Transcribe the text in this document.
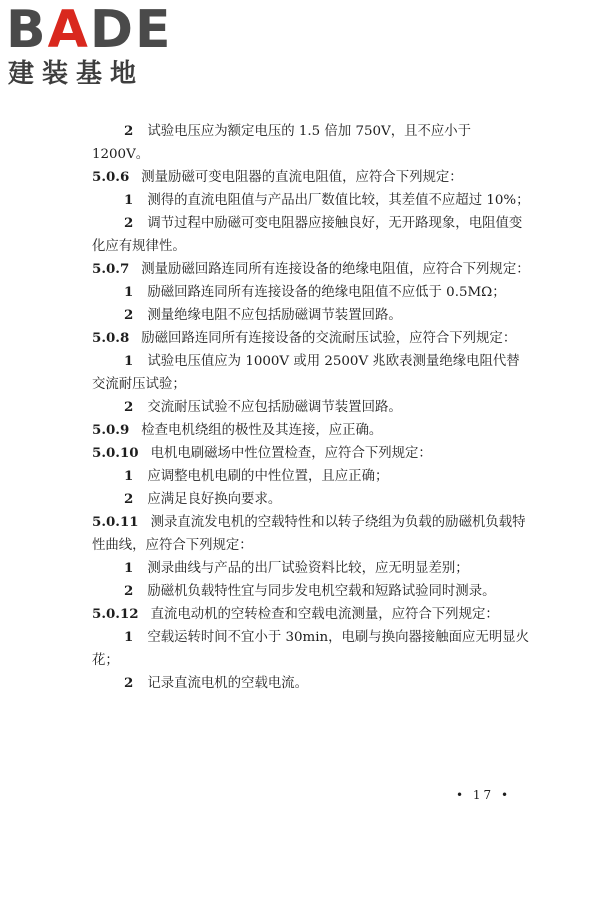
BADE
建装基地
2 试验电压应为额定电压的 1.5 倍加 750V，且不应小于 1200V。
5.0.6 测量励磁可变电阻器的直流电阻值，应符合下列规定：
1 测得的直流电阻值与产品出厂数值比较，其差值不应超过 10%；
2 调节过程中励磁可变电阻器应接触良好，无开路现象，电阻值变化应有规律性。
5.0.7 测量励磁回路连同所有连接设备的绝缘电阻值，应符合下列规定：
1 励磁回路连同所有连接设备的绝缘电阻值不应低于 0.5MΩ；
2 测量绝缘电阻不应包括励磁调节装置回路。
5.0.8 励磁回路连同所有连接设备的交流耐压试验，应符合下列规定：
1 试验电压值应为 1000V 或用 2500V 兆欧表测量绝缘电阻代替交流耐压试验；
2 交流耐压试验不应包括励磁调节装置回路。
5.0.9 检查电机绕组的极性及其连接，应正确。
5.0.10 电机电刷磁场中性位置检查，应符合下列规定：
1 应调整电机电刷的中性位置，且应正确；
2 应满足良好换向要求。
5.0.11 测录直流发电机的空载特性和以转子绕组为负载的励磁机负载特性曲线，应符合下列规定：
1 测录曲线与产品的出厂试验资料比较，应无明显差别；
2 励磁机负载特性宜与同步发电机空载和短路试验同时测录。
5.0.12 直流电动机的空转检查和空载电流测量，应符合下列规定：
1 空载运转时间不宜小于 30min，电刷与换向器接触面应无明显火花；
2 记录直流电机的空载电流。
• 17 •
